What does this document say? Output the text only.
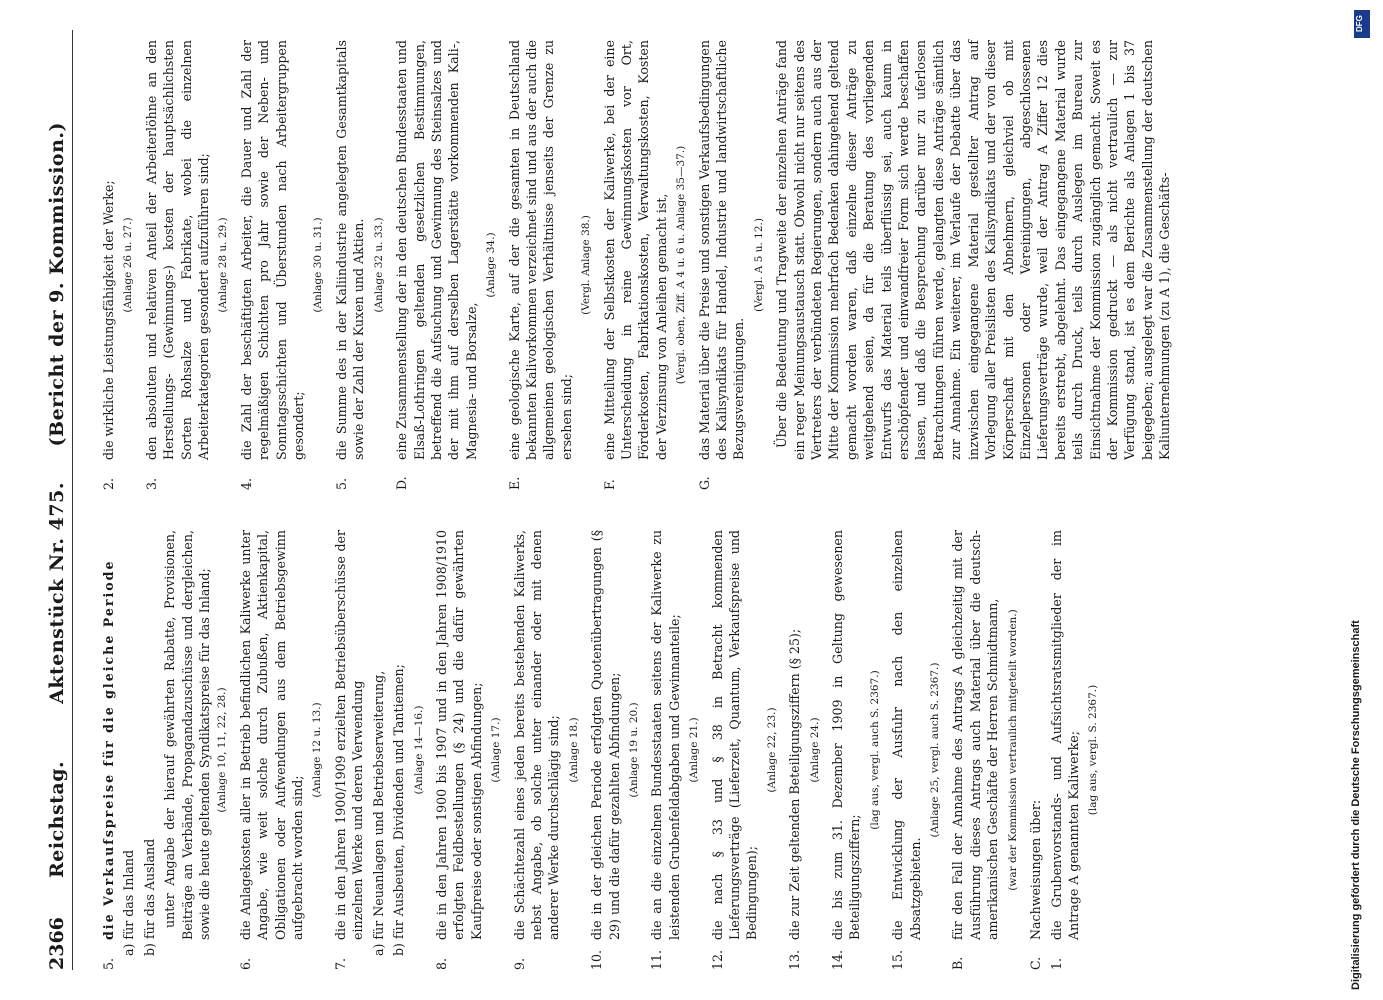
2366
Reichstag.        Aktenstück Nr. 475.     (Bericht der 9. Kommission.)
5.
die Verkaufspreise für die gleiche Periode a) für das Inland b) für das Ausland unter Angabe der hierauf gewährten Rabatte, Provisionen, Beiträge an Verbände, Propagandazuschüsse und dergleichen, sowie die heute geltenden Syndikatspreise für das Inland; (Anlage 10, 11, 22, 28.)
6.
die Anlagekosten aller in Betrieb befindlichen Kaliwerke unter Angabe, wie weit solche durch Zubußen, Aktienkapital, Obligationen oder Aufwendungen aus dem Betriebsgewinn aufgebracht worden sind;
(Anlage 12 u. 13.)
7.
die in den Jahren 1900/1909 erzielten Betriebsüberschüsse der einzelnen Werke und deren Verwendung a) für Neuanlagen und Betriebserweiterung, b) für Ausbeuten, Dividenden und Tantiemen; (Anlage 14—16.)
8.
die in den Jahren 1900 bis 1907 und in den Jahren 1908/1910 erfolgten Feldbestellungen (§ 24) und die dafür gewährten Kaufpreise oder sonstigen Abfindungen; (Anlage 17.)
9.
die Schächtezahl eines jeden bereits bestehenden Kaliwerks, nebst Angabe, ob solche unter einander oder mit denen anderer Werke durchschlägig sind; (Anlage 18.)
10.
die in der gleichen Periode erfolgten Quotenübertragungen (§ 29) und die dafür gezahlten Abfindungen; (Anlage 19 u. 20.)
11.
die an die einzelnen Bundesstaaten seitens der Kaliwerke zu leistenden Grubenfeldabgaben und Gewinnanteile; (Anlage 21.)
12.
die nach § 33 und § 38 in Betracht kommenden Lieferungsverträge (Lieferzeit, Quantum, Verkaufspreise und Bedingungen);
(Anlage 22, 23.)
13.
die zur Zeit geltenden Beteiligungsziffern (§ 25); (Anlage 24.)
14.
die bis zum 31. Dezember 1909 in Geltung gewesenen Beteiligungsziffern;
(lag aus, vergl. auch S. 2367.)
15.
die Entwicklung der Ausfuhr nach den einzelnen Absatzgebieten.
(Anlage 25, vergl. auch S. 2367.)
B.
für den Fall der Annahme des Antrags A gleichzeitig mit der Ausführung dieses Antrags auch Material über die deutsch-amerikanischen Geschäfte der Herren Schmidtmann, (war der Kommission vertraulich mitgeteilt worden.)
C.
Nachweisungen über:
1.
die Grubenvorstands- und Aufsichtsratsmitglieder der im Antrage A genannten Kaliwerke; (lag aus, vergl. S. 2367.)
2.
die wirkliche Leistungsfähigkeit der Werke; (Anlage 26 u. 27.)
3.
den absoluten und relativen Anteil der Arbeiterlöhne an den Herstellungs- (Gewinnungs-) kosten der hauptsächlichsten Sorten Rohsalze und Fabrikate, wobei die einzelnen Arbeiterkategorien gesondert aufzuführen sind; (Anlage 28 u. 29.)
4.
die Zahl der beschäftigten Arbeiter, die Dauer und Zahl der regelmäßigen Schichten pro Jahr sowie der Neben- und Sonntagsschichten und Überstunden nach Arbeitergruppen gesondert;
(Anlage 30 u. 31.)
5.
die Summe des in der Kaliindustrie angelegten Gesamtkapitals sowie der Zahl der Kuxen und Aktien. (Anlage 32 u. 33.)
D.
eine Zusammenstellung der in den deutschen Bundesstaaten und Elsaß-Lothringen geltenden gesetzlichen Bestimmungen, betreffend die Aufsuchung und Gewinnung des Steinsalzes und der mit ihm auf derselben Lagerstätte vorkommenden Kali-, Magnesia- und Borsalze,
(Anlage 34.)
E.
eine geologische Karte, auf der die gesamten in Deutschland bekannten Kalivorkommen verzeichnet sind und aus der auch die allgemeinen geologischen Verhältnisse jenseits der Grenze zu ersehen sind;
(Vergl. Anlage 38.)
F.
eine Mitteilung der Selbstkosten der Kaliwerke, bei der eine Unterscheidung in reine Gewinnungskosten vor Ort, Förderkosten, Fabrikationskosten, Verwaltungskosten, Kosten der Verzinsung von Anleihen gemacht ist, (Vergl. oben, Ziff. A 4 u. 6 u. Anlage 35—37.)
G.
das Material über die Preise und sonstigen Verkaufsbedingungen des Kalisyndikats für Handel, Industrie und landwirtschaftliche Bezugsvereinigungen.
(Vergl. A 5 u. 12.) Über die Bedeutung und Tragweite der einzelnen Anträge fand ein reger Meinungsaustausch statt. Obwohl nicht nur seitens des Vertreters der verbündeten Regierungen, sondern auch aus der Mitte der Kommission mehrfach Bedenken dahingehend geltend gemacht worden waren, daß einzelne dieser Anträge zu weitgehend seien, da für die Beratung des vorliegenden Entwurfs das Material teils überflüssig sei, auch kaum in erschöpfender und einwandfreier Form sich werde beschaffen lassen, und daß die Besprechung darüber nur zu uferlosen Betrachtungen führen werde, gelangten diese Anträge sämtlich zur Annahme. Ein weiterer, im Verlaufe der Debatte über das inzwischen eingegangene Material gestellter Antrag auf Vorlegung aller Preislisten des Kalisyndikats und der von dieser Körperschaft mit den Abnehmern, gleichviel ob mit Einzelpersonen oder Vereinigungen, abgeschlossenen Lieferungsverträge wurde, weil der Antrag A Ziffer 12 dies bereits erstrebt, abgelehnt. Das eingegangene Material wurde teils durch Druck, teils durch Auslegen im Bureau zur Einsichtnahme der Kommission zugänglich gemacht. Soweit es der Kommission gedruckt — als nicht vertraulich — zur Verfügung stand, ist es dem Berichte als Anlagen 1 bis 37 beigegeben; ausgelegt war die Zusammenstellung der deutschen Kaliunternehmungen (zu A 1), die Geschäfts-
Digitalisierung gefördert durch die Deutsche Forschungsgemeinschaft
DFG
